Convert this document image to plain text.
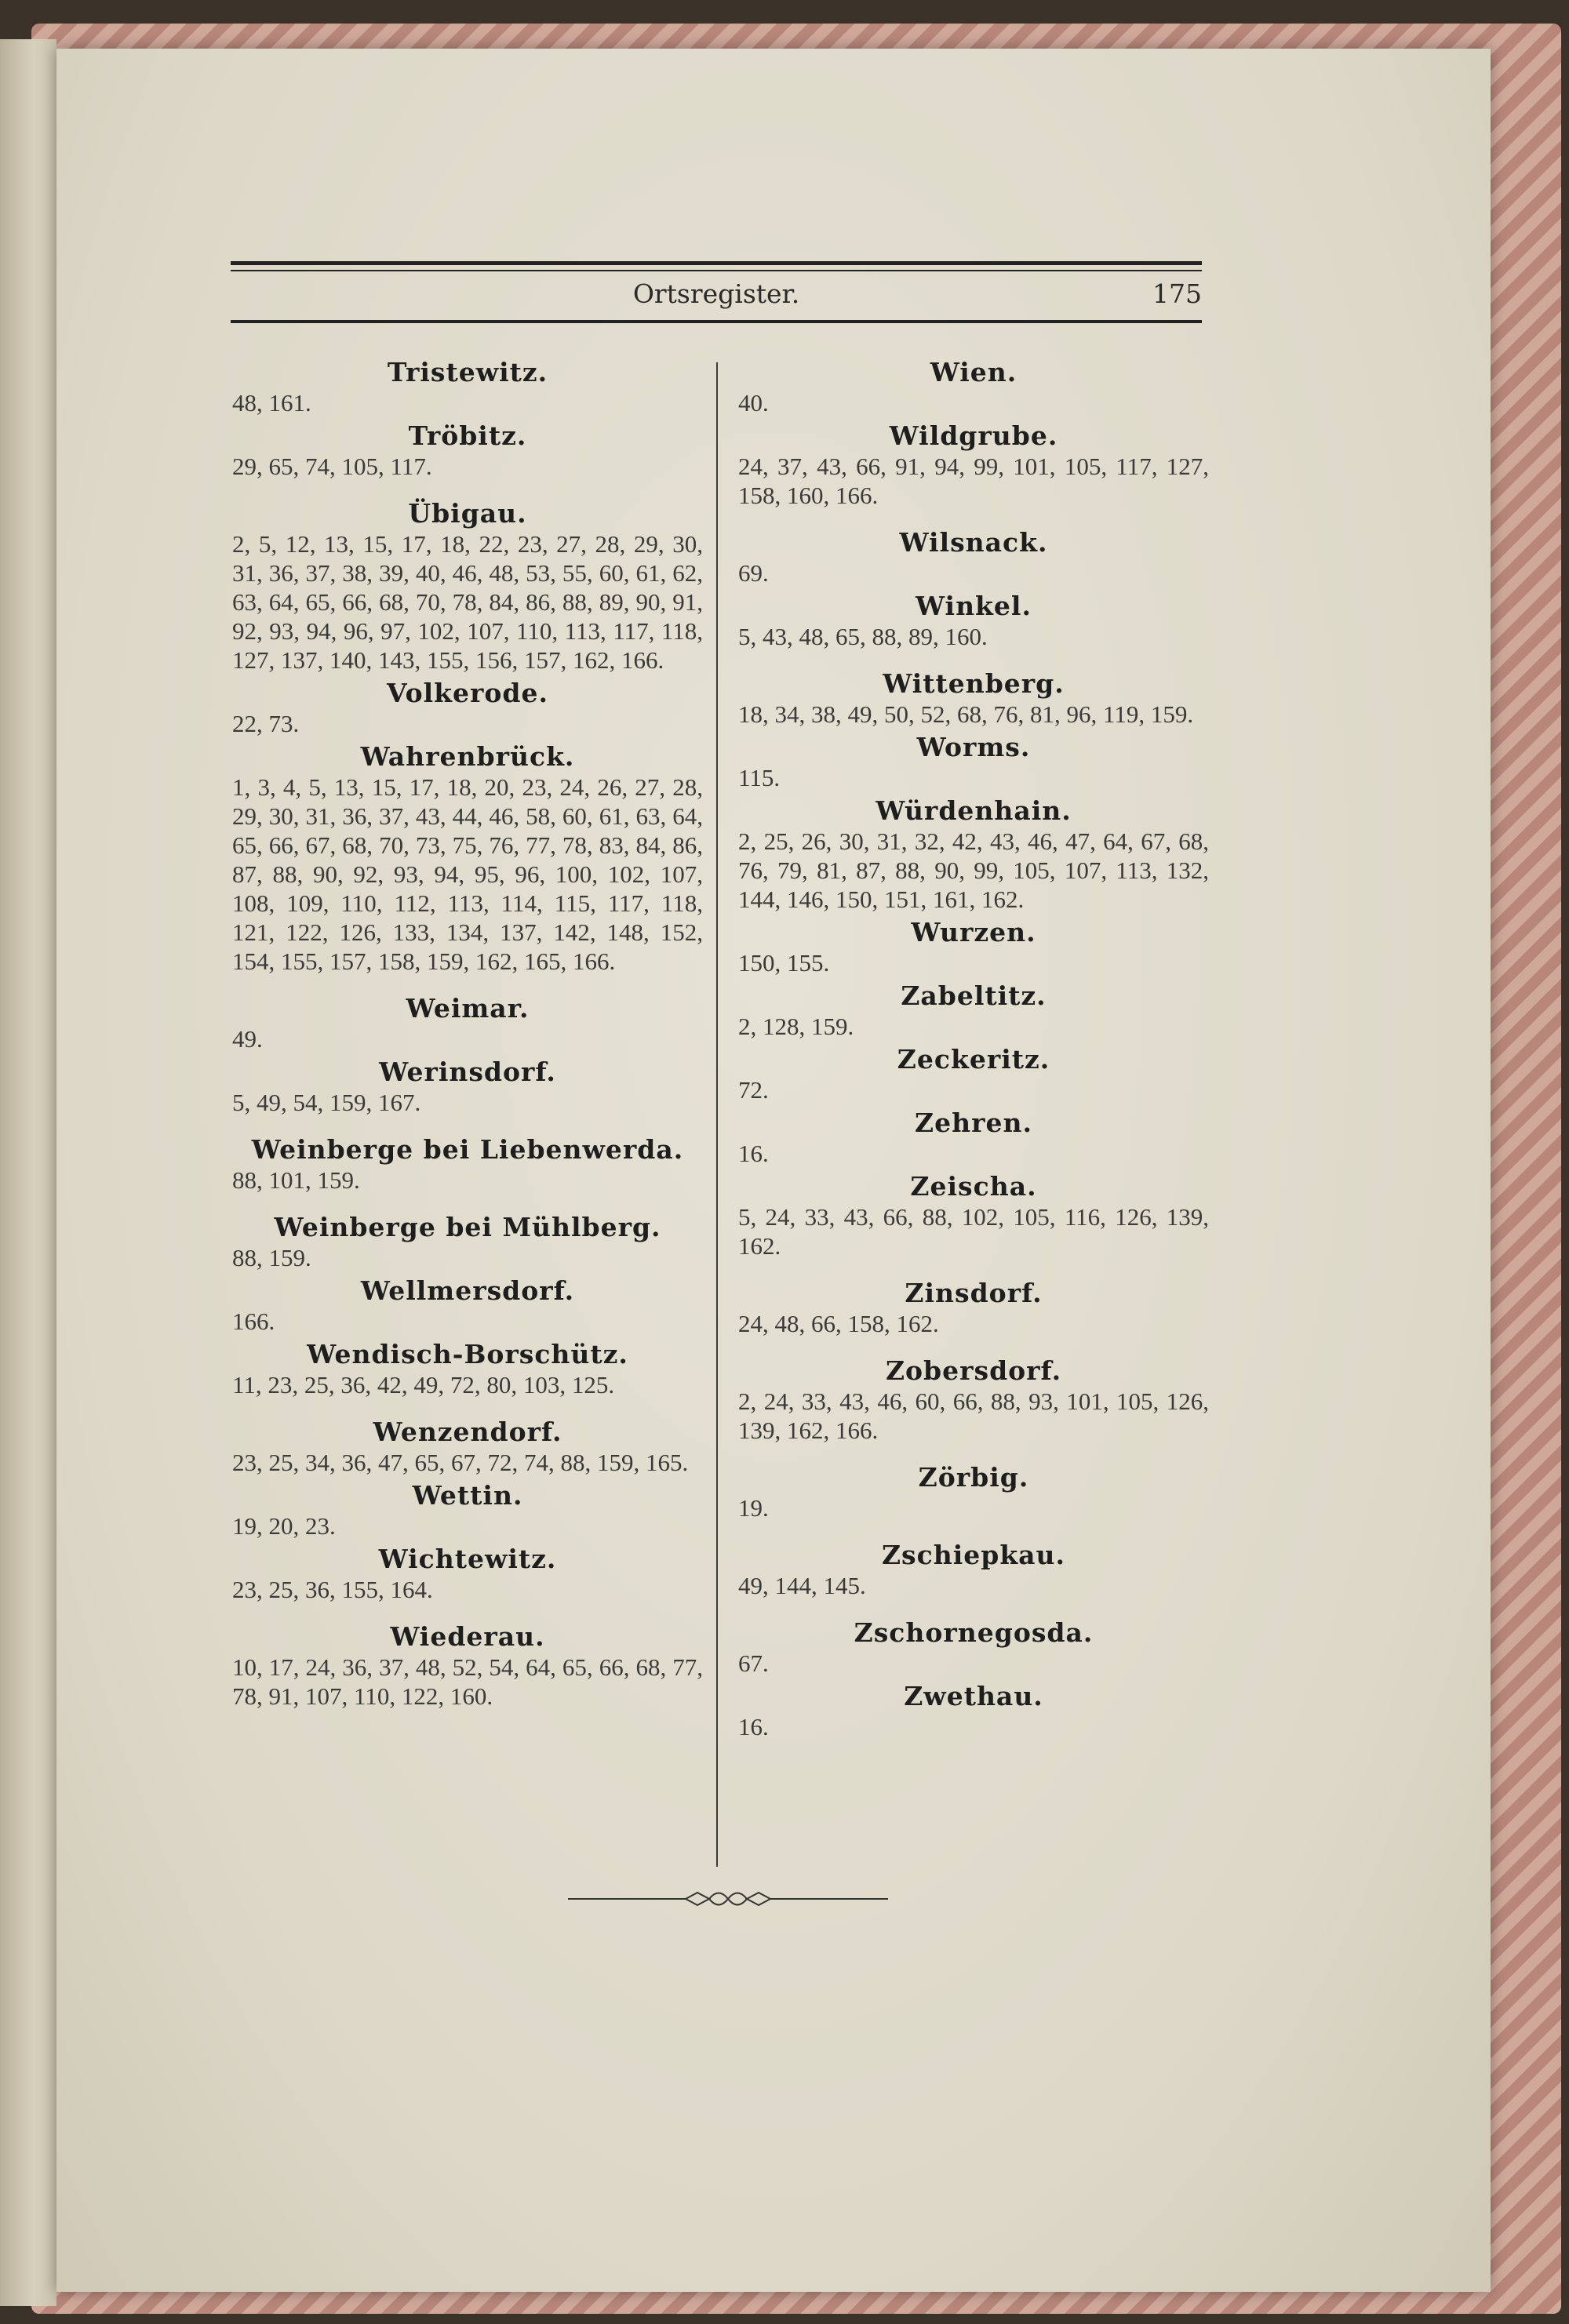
Ortsregister.	175

Tristewitz.

48, 161.

Tröbitz.

29, 65, 74, 105, 117.

Übigau.

2, 5, 12, 13, 15, 17, 18, 22, 23, 27, 28, 29, 30, 31, 36, 37, 38, 39, 40, 46, 48, 53, 55, 60, 61, 62, 63, 64, 65, 66, 68, 70, 78, 84, 86, 88, 89, 90, 91, 92, 93, 94, 96, 97, 102, 107, 110, 113, 117, 118, 127, 137, 140, 143, 155, 156, 157, 162, 166.

Volkerode.

22, 73.

Wahrenbrück.

1, 3, 4, 5, 13, 15, 17, 18, 20, 23, 24, 26, 27, 28, 29, 30, 31, 36, 37, 43, 44, 46, 58, 60, 61, 63, 64, 65, 66, 67, 68, 70, 73, 75, 76, 77, 78, 83, 84, 86, 87, 88, 90, 92, 93, 94, 95, 96, 100, 102, 107, 108, 109, 110, 112, 113, 114, 115, 117, 118, 121, 122, 126, 133, 134, 137, 142, 148, 152, 154, 155, 157, 158, 159, 162, 165, 166.

Weimar.

49.

Werinsdorf.

5, 49, 54, 159, 167.

Weinberge bei Liebenwerda.

88, 101, 159.

Weinberge bei Mühlberg.

88, 159.

Wellmersdorf.

166.

Wendisch-Borschütz.

11, 23, 25, 36, 42, 49, 72, 80, 103, 125.

Wenzendorf.

23, 25, 34, 36, 47, 65, 67, 72, 74, 88, 159, 165.

Wettin.

19, 20, 23.

Wichtewitz.

23, 25, 36, 155, 164.

Wiederau.

10, 17, 24, 36, 37, 48, 52, 54, 64, 65, 66, 68, 77, 78, 91, 107, 110, 122, 160.

Wien.

40.

Wildgrube.

24, 37, 43, 66, 91, 94, 99, 101, 105, 117, 127, 158, 160, 166.

Wilsnack.

69.

Winkel.

5, 43, 48, 65, 88, 89, 160.

Wittenberg.

18, 34, 38, 49, 50, 52, 68, 76, 81, 96, 119, 159.

Worms.

115.

Würdenhain.

2, 25, 26, 30, 31, 32, 42, 43, 46, 47, 64, 67, 68, 76, 79, 81, 87, 88, 90, 99, 105, 107, 113, 132, 144, 146, 150, 151, 161, 162.

Wurzen.

150, 155.

Zabeltitz.

2, 128, 159.

Zeckeritz.

72.

Zehren.

16.

Zeischa.

5, 24, 33, 43, 66, 88, 102, 105, 116, 126, 139, 162.

Zinsdorf.

24, 48, 66, 158, 162.

Zobersdorf.

2, 24, 33, 43, 46, 60, 66, 88, 93, 101, 105, 126, 139, 162, 166.

Zörbig.

19.

Zschiepkau.

49, 144, 145.

Zschornegosda.

67.

Zwethau.

16.
